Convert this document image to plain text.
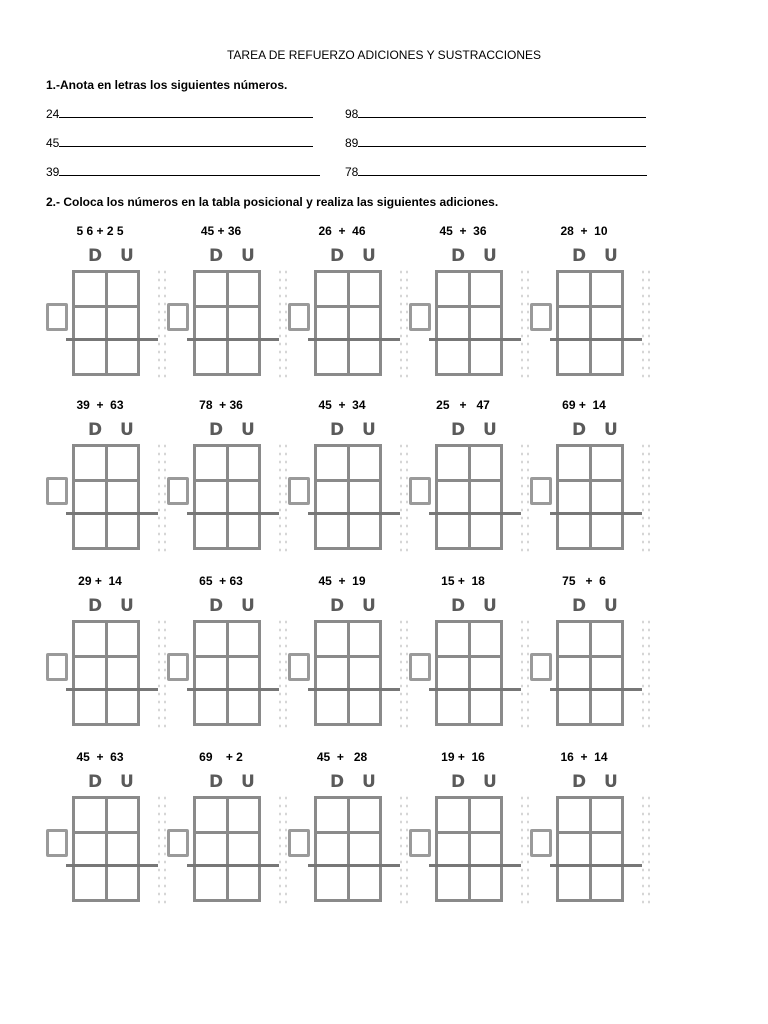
TAREA DE REFUERZO ADICIONES Y SUSTRACCIONES
1.-Anota en letras los siguientes números.
24	98
45	89
39	78
2.- Coloca los números en la tabla posicional y realiza las siguientes adiciones.
5 6 + 2 5
D U
45 + 36
D U
26  +  46
D U
45  +  36
D U
28  +  10
D U
39  +  63
D U
78  + 36
D U
45  +  34
D U
25   +   47
D U
69 +  14
D U
29 +  14
D U
65  + 63
D U
45  +  19
D U
15 +  18
D U
75   +  6
D U
45  +  63
D U
69    + 2
D U
45  +   28
D U
19 +  16
D U
16  +  14
D U
